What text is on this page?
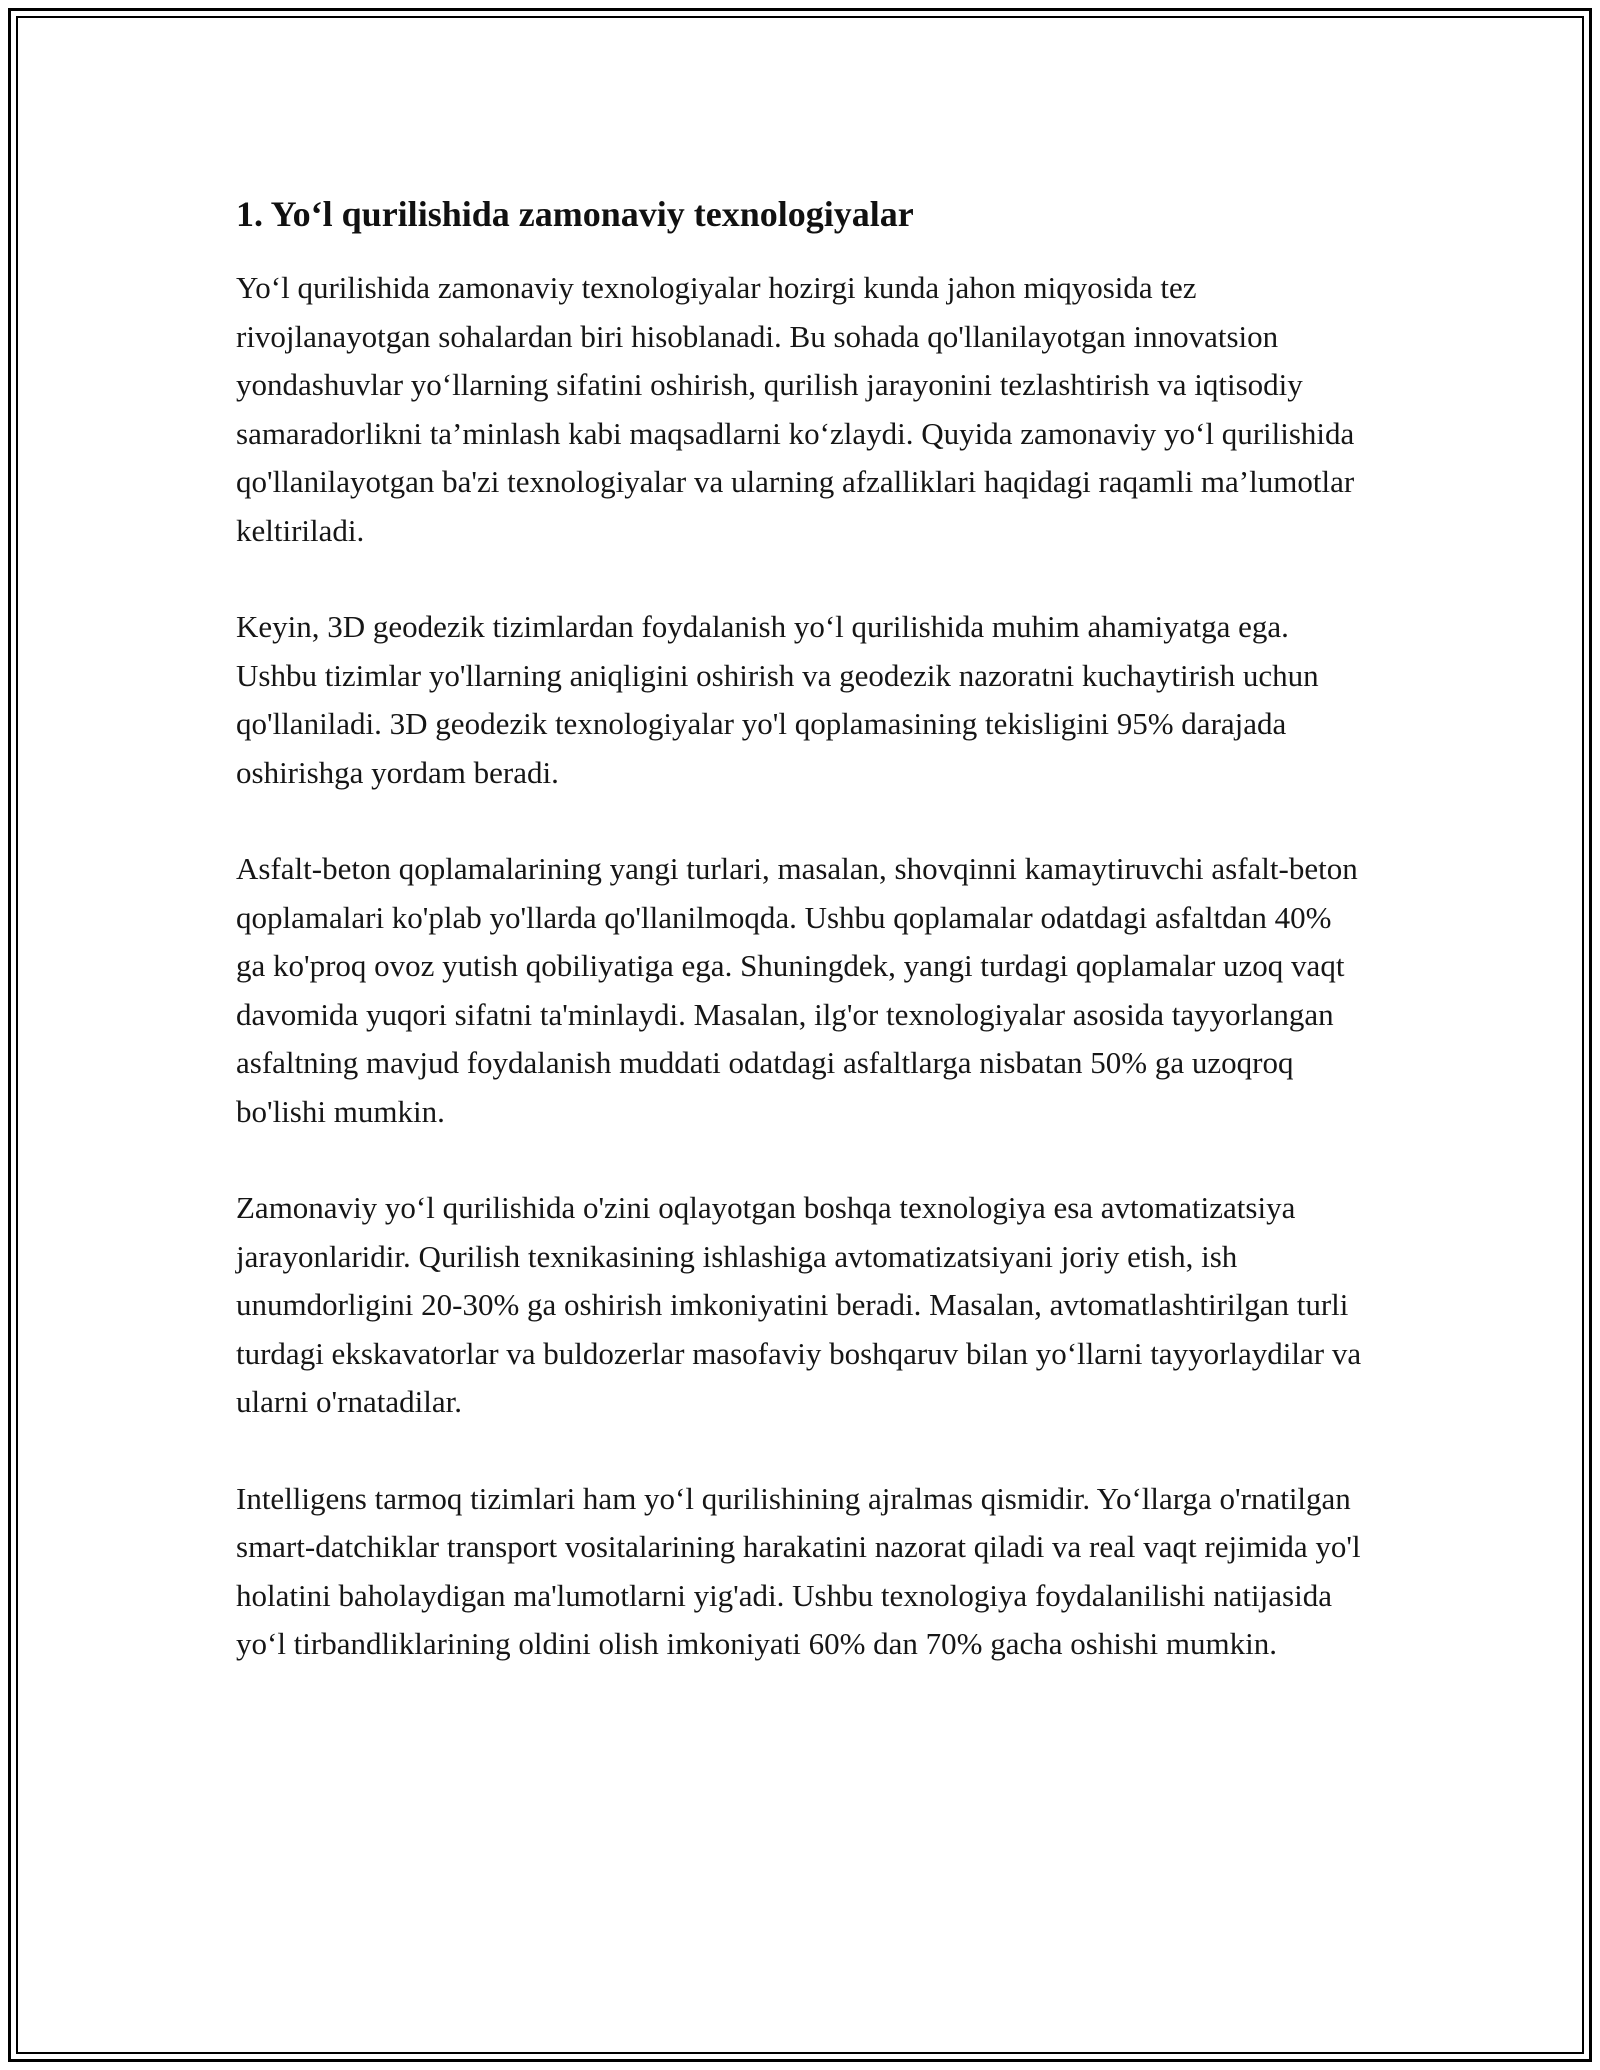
1. Yo‘l qurilishida zamonaviy texnologiyalar

Yo‘l qurilishida zamonaviy texnologiyalar hozirgi kunda jahon miqyosida tez rivojlanayotgan sohalardan biri hisoblanadi. Bu sohada qo'llanilayotgan innovatsion yondashuvlar yo‘llarning sifatini oshirish, qurilish jarayonini tezlashtirish va iqtisodiy samaradorlikni ta’minlash kabi maqsadlarni ko‘zlaydi. Quyida zamonaviy yo‘l qurilishida qo'llanilayotgan ba'zi texnologiyalar va ularning afzalliklari haqidagi raqamli ma’lumotlar keltiriladi.

Keyin, 3D geodezik tizimlardan foydalanish yo‘l qurilishida muhim ahamiyatga ega. Ushbu tizimlar yo'llarning aniqligini oshirish va geodezik nazoratni kuchaytirish uchun qo'llaniladi. 3D geodezik texnologiyalar yo'l qoplamasining tekisligini 95% darajada oshirishga yordam beradi.

Asfalt-beton qoplamalarining yangi turlari, masalan, shovqinni kamaytiruvchi asfalt-beton qoplamalari ko'plab yo'llarda qo'llanilmoqda. Ushbu qoplamalar odatdagi asfaltdan 40% ga ko'proq ovoz yutish qobiliyatiga ega. Shuningdek, yangi turdagi qoplamalar uzoq vaqt davomida yuqori sifatni ta'minlaydi. Masalan, ilg'or texnologiyalar asosida tayyorlangan asfaltning mavjud foydalanish muddati odatdagi asfaltlarga nisbatan 50% ga uzoqroq bo'lishi mumkin.

Zamonaviy yo‘l qurilishida o'zini oqlayotgan boshqa texnologiya esa avtomatizatsiya jarayonlaridir. Qurilish texnikasining ishlashiga avtomatizatsiyani joriy etish, ish unumdorligini 20-30% ga oshirish imkoniyatini beradi. Masalan, avtomatlashtirilgan turli turdagi ekskavatorlar va buldozerlar masofaviy boshqaruv bilan yo‘llarni tayyorlaydilar va ularni o'rnatadilar.

Intelligens tarmoq tizimlari ham yo‘l qurilishining ajralmas qismidir. Yo‘llarga o'rnatilgan smart-datchiklar transport vositalarining harakatini nazorat qiladi va real vaqt rejimida yo'l holatini baholaydigan ma'lumotlarni yig'adi. Ushbu texnologiya foydalanilishi natijasida yo‘l tirbandliklarining oldini olish imkoniyati 60% dan 70% gacha oshishi mumkin.
